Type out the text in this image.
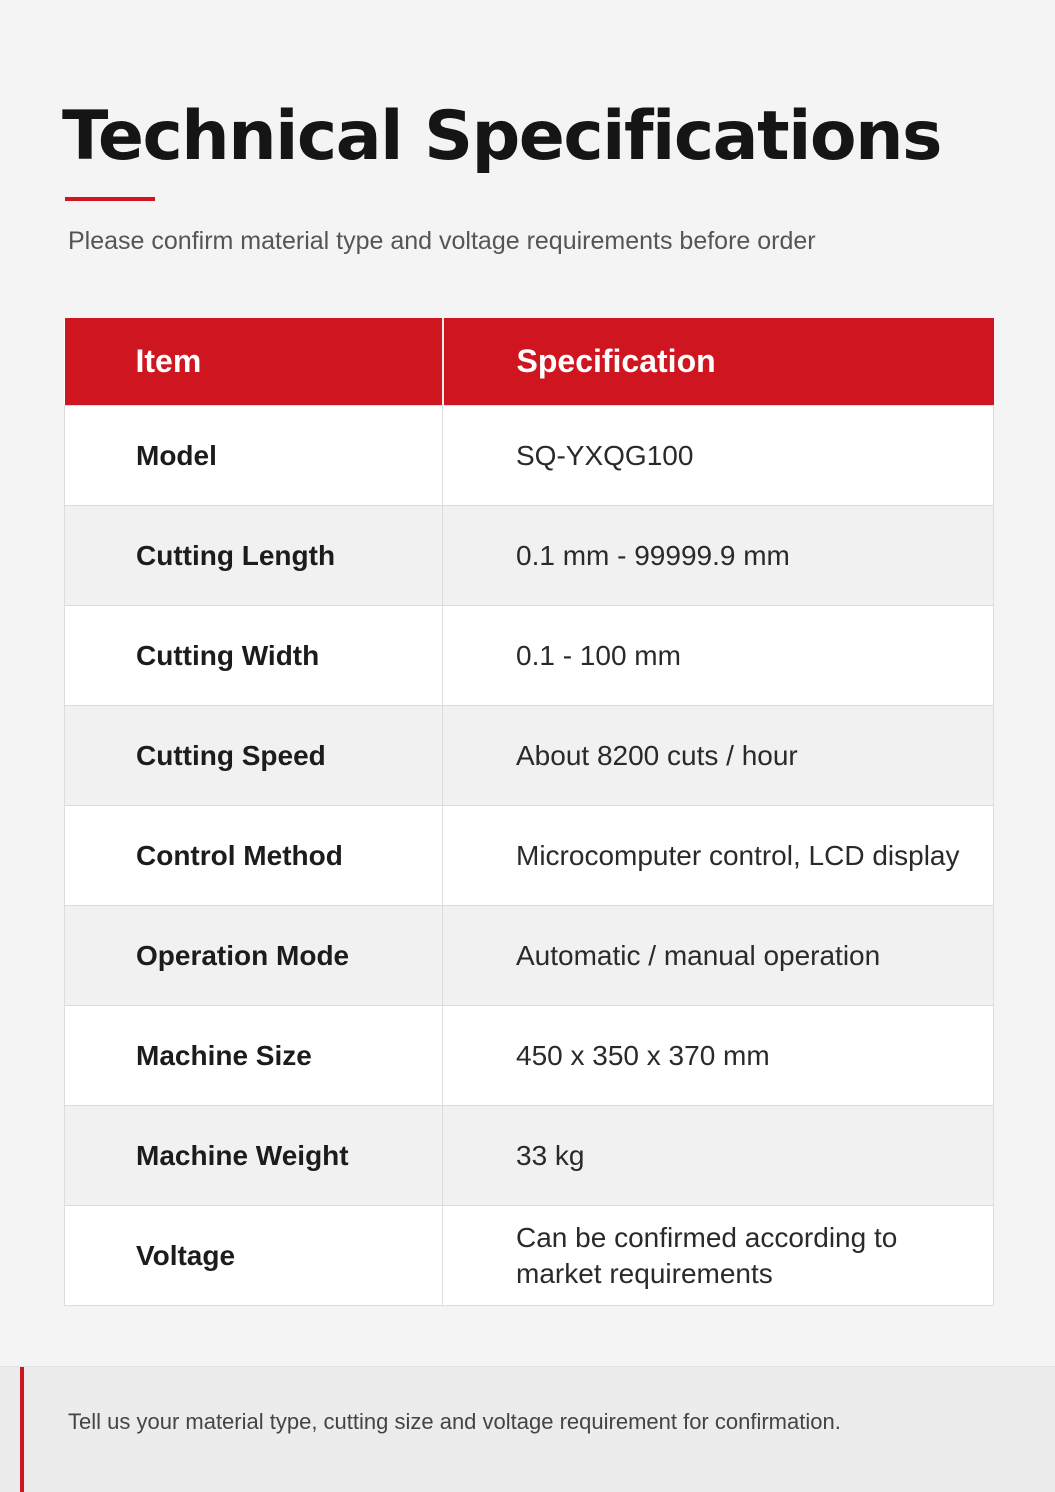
Technical Specifications

Please confirm material type and voltage requirements before order

Item	Specification
Model	SQ-YXQG100
Cutting Length	0.1 mm - 99999.9 mm
Cutting Width	0.1 - 100 mm
Cutting Speed	About 8200 cuts / hour
Control Method	Microcomputer control, LCD display
Operation Mode	Automatic / manual operation
Machine Size	450 x 350 x 370 mm
Machine Weight	33 kg
Voltage	Can be confirmed according to market requirements

Tell us your material type, cutting size and voltage requirement for confirmation.
